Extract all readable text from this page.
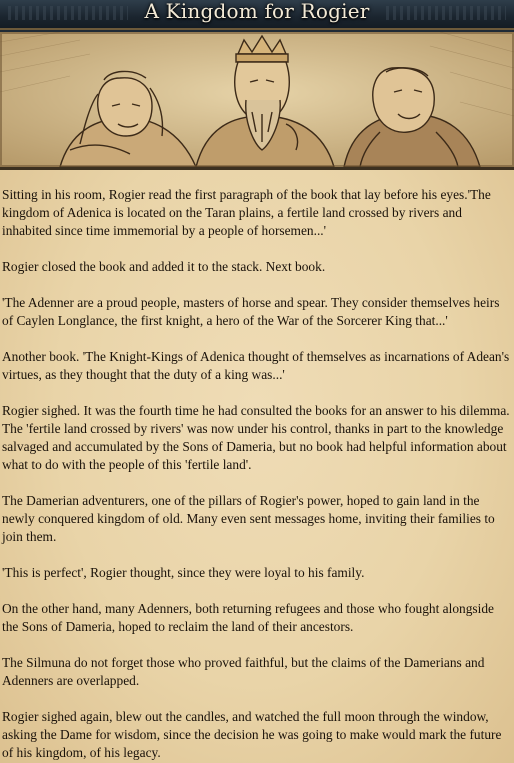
A Kingdom for Rogier

Sitting in his room, Rogier read the first paragraph of the book that lay before his eyes.'The kingdom of Adenica is located on the Taran plains, a fertile land crossed by rivers and inhabited since time immemorial by a people of horsemen...'

Rogier closed the book and added it to the stack. Next book.

'The Adenner are a proud people, masters of horse and spear. They consider themselves heirs of Caylen Longlance, the first knight, a hero of the War of the Sorcerer King that...'

Another book. 'The Knight-Kings of Adenica thought of themselves as incarnations of Adean's virtues, as they thought that the duty of a king was...'

Rogier sighed. It was the fourth time he had consulted the books for an answer to his dilemma. The 'fertile land crossed by rivers' was now under his control, thanks in part to the knowledge salvaged and accumulated by the Sons of Dameria, but no book had helpful information about what to do with the people of this 'fertile land'.

The Damerian adventurers, one of the pillars of Rogier's power, hoped to gain land in the newly conquered kingdom of old. Many even sent messages home, inviting their families to join them.

'This is perfect', Rogier thought, since they were loyal to his family.

On the other hand, many Adenners, both returning refugees and those who fought alongside the Sons of Dameria, hoped to reclaim the land of their ancestors.

The Silmuna do not forget those who proved faithful, but the claims of the Damerians and Adenners are overlapped.

Rogier sighed again, blew out the candles, and watched the full moon through the window, asking the Dame for wisdom, since the decision he was going to make would mark the future of his kingdom, of his legacy.
